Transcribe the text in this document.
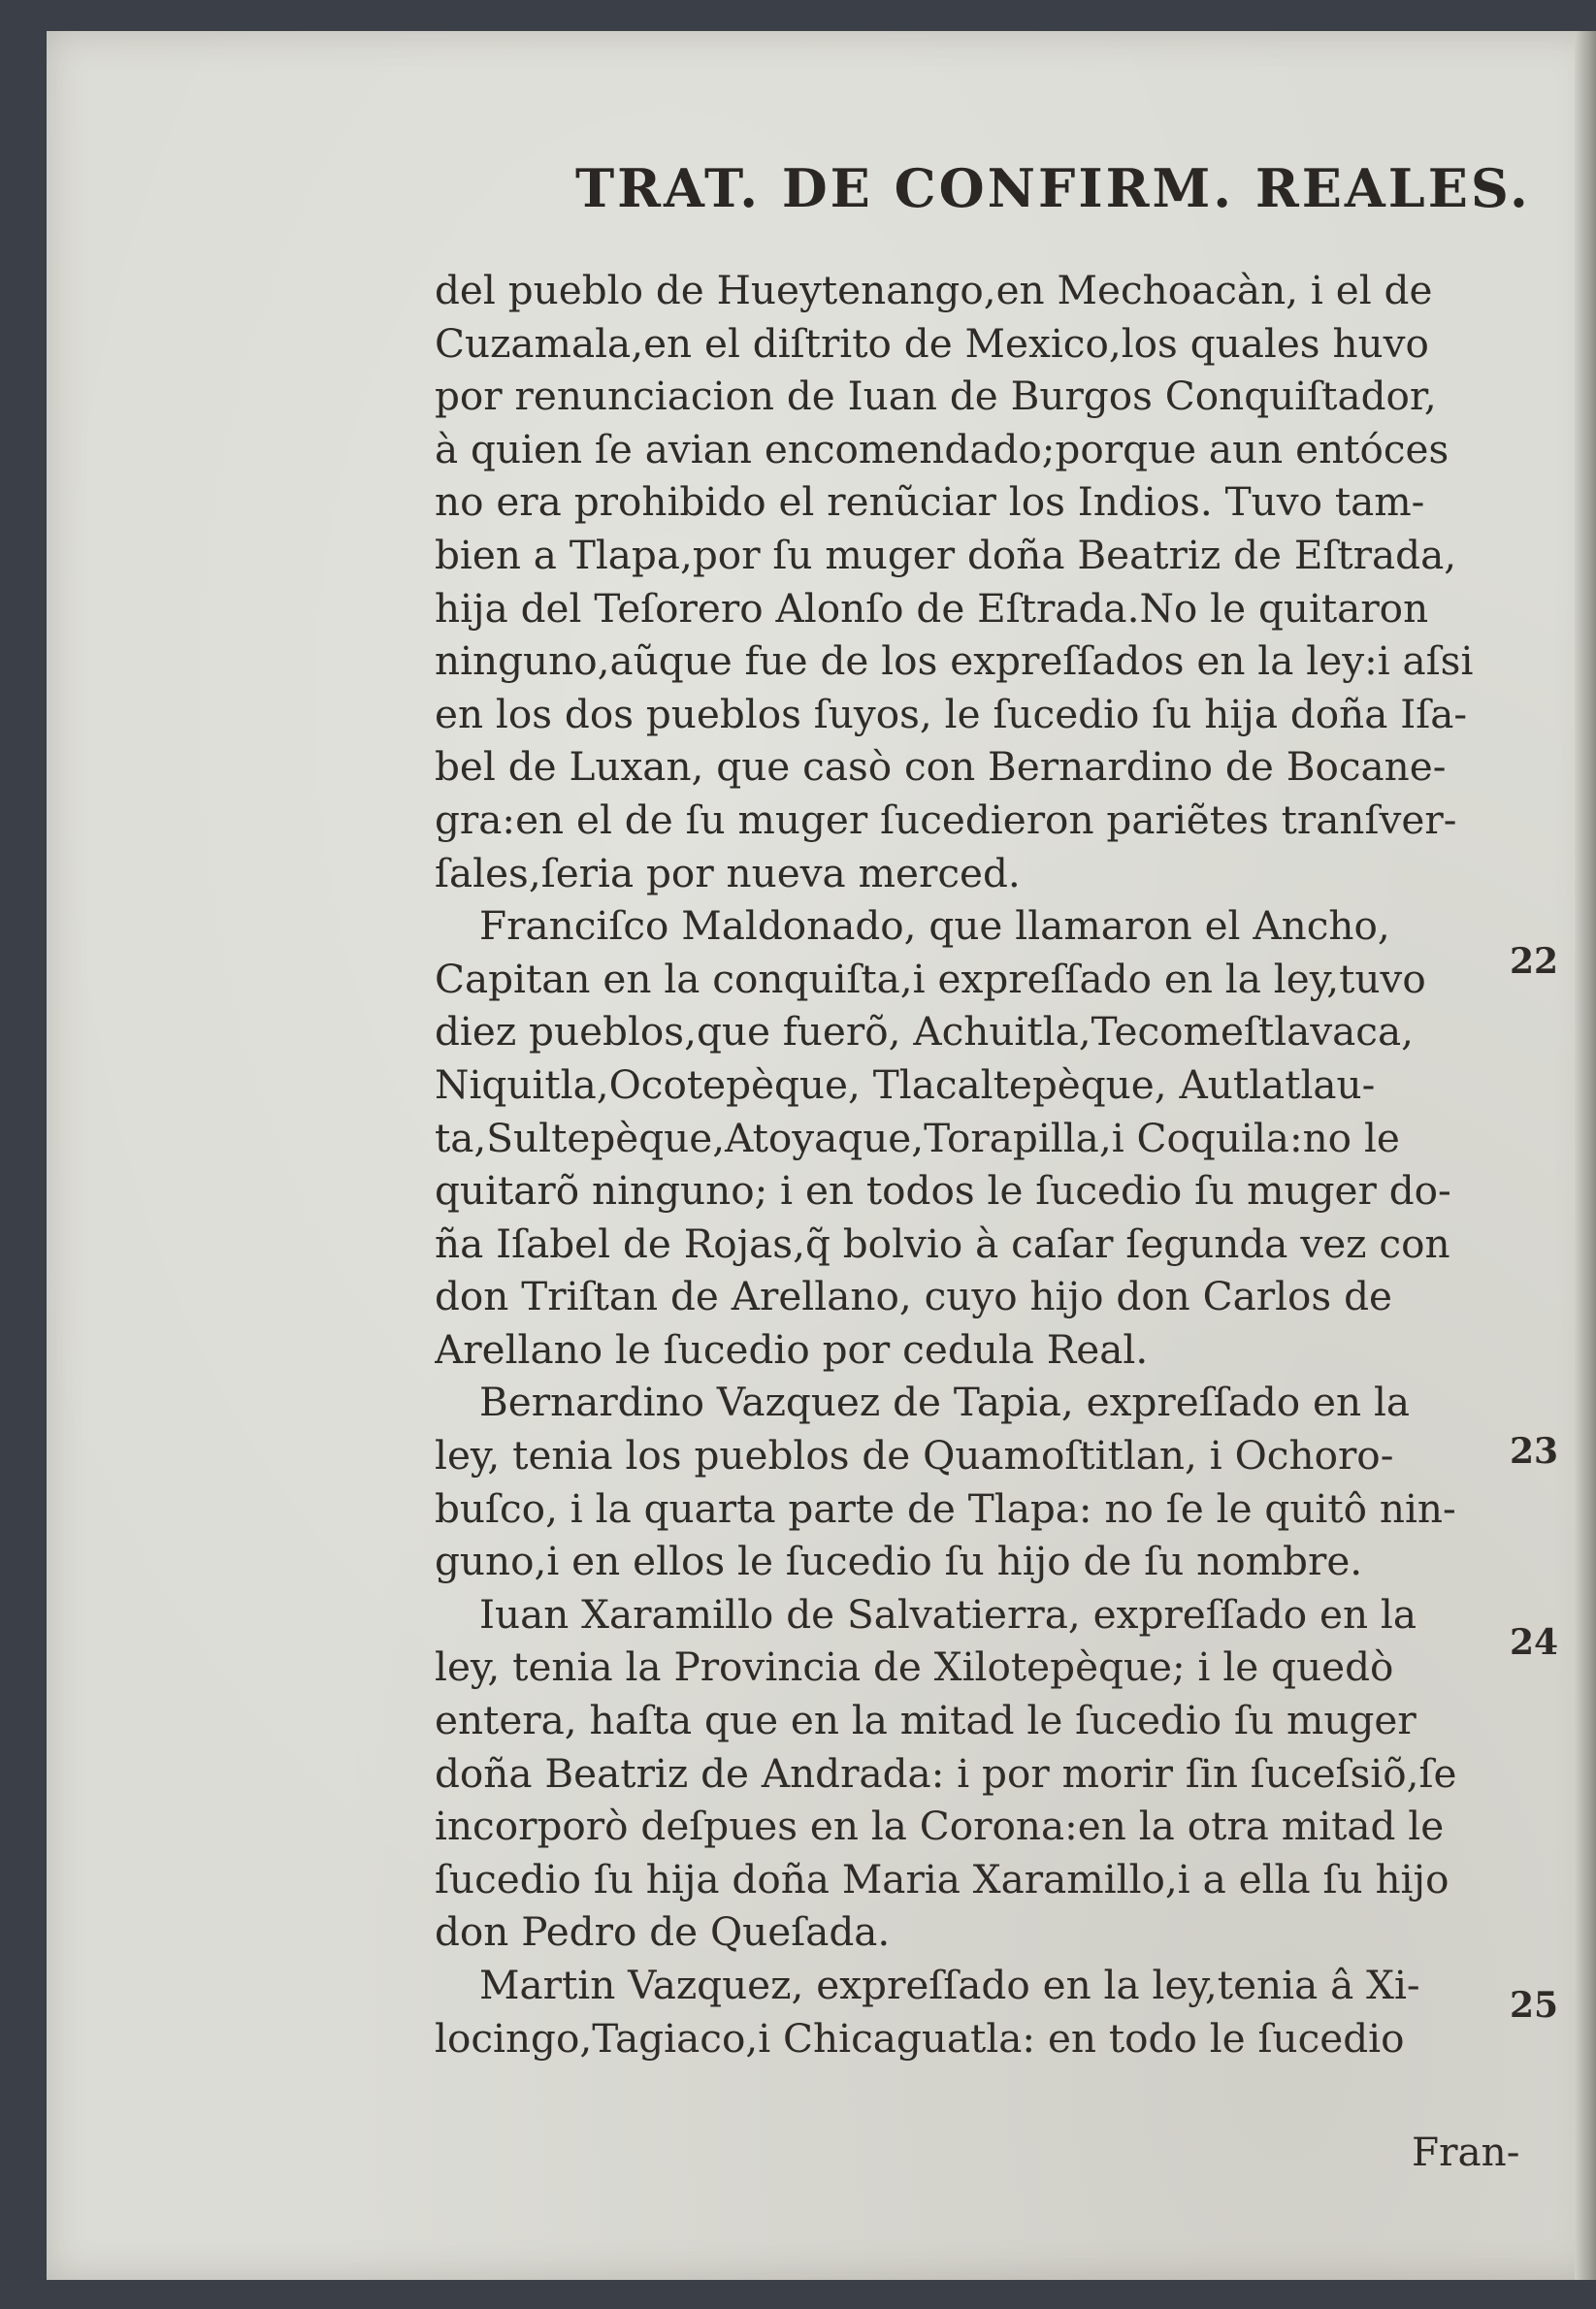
TRAT. DE CONFIRM. REALES.
del pueblo de Hueytenango,en Mechoacàn, i el de
Cuzamala,en el diſtrito de Mexico,los quales huvo
por renunciacion de Iuan de Burgos Conquiſtador,
à quien ſe avian encomendado;porque aun entóces
no era prohibido el renũciar los Indios. Tuvo tam-
bien a Tlapa,por ſu muger doña Beatriz de Eſtrada,
hija del Teſorero Alonſo de Eſtrada.No le quitaron
ninguno,aũque fue de los expreſſados en la ley:i aſsi
en los dos pueblos ſuyos, le ſucedio ſu hija doña Iſa-
bel de Luxan, que casò con Bernardino de Bocane-
gra:en el de ſu muger ſucedieron pariẽtes tranſver-
ſales,ſeria por nueva merced.
Franciſco Maldonado, que llamaron el Ancho,
Capitan en la conquiſta,i expreſſado en la ley,tuvo
diez pueblos,que fuerõ, Achuitla,Tecomeſtlavaca,
Niquitla,Ocotepèque, Tlacaltepèque, Autlatlau-
ta,Sultepèque,Atoyaque,Torapilla,i Coquila:no le
quitarõ ninguno; i en todos le ſucedio ſu muger do-
ña Iſabel de Rojas,q̃ bolvio à caſar ſegunda vez con
don Triſtan de Arellano, cuyo hijo don Carlos de
Arellano le ſucedio por cedula Real.
Bernardino Vazquez de Tapia, expreſſado en la
ley, tenia los pueblos de Quamoſtitlan, i Ochoro-
buſco, i la quarta parte de Tlapa: no ſe le quitô nin-
guno,i en ellos le ſucedio ſu hijo de ſu nombre.
Iuan Xaramillo de Salvatierra, expreſſado en la
ley, tenia la Provincia de Xilotepèque; i le quedò
entera, haſta que en la mitad le ſucedio ſu muger
doña Beatriz de Andrada: i por morir ſin ſuceſsiõ,ſe
incorporò deſpues en la Corona:en la otra mitad le
ſucedio ſu hija doña Maria Xaramillo,i a ella ſu hijo
don Pedro de Queſada.
Martin Vazquez, expreſſado en la ley,tenia â Xi-
locingo,Tagiaco,i Chicaguatla: en todo le ſucedio
22
23
24
25
Fran-
